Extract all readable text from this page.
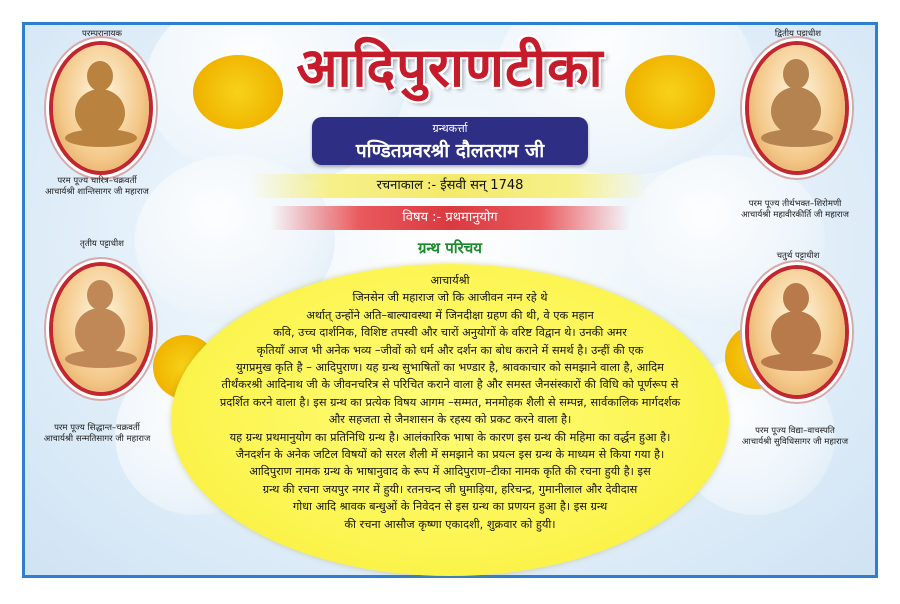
आदिपुराणटीका
ग्रन्थकर्त्ता
पण्डितप्रवरश्री दौलतराम जी
रचनाकाल :- ईसवी सन् 1748
विषय :- प्रथमानुयोग
ग्रन्थ परिचय
आचार्यश्री
जिनसेन जी महाराज जो कि आजीवन नग्न रहे थे
अर्थात् उन्होंने अति–बाल्यावस्था में जिनदीक्षा ग्रहण की थी, वे एक महान
कवि, उच्च दार्शनिक, विशिष्ट तपस्वी और चारों अनुयोगों के वरिष्ट विद्वान थे। उनकी अमर
कृतियाँ आज भी अनेक भव्य –जीवों को धर्म और दर्शन का बोध कराने में समर्थ है। उन्हीं की एक
युगप्रमुख कृति है – आदिपुराण। यह ग्रन्थ सुभाषितों का भण्डार है, श्रावकाचार को समझाने वाला है, आदिम
तीर्थंकरश्री आदिनाथ जी के जीवनचरित्र से परिचित कराने वाला है और समस्त जैनसंस्कारों की विधि को पूर्णरूप से
प्रदर्शित करने वाला है। इस ग्रन्थ का प्रत्येक विषय आगम –सम्मत, मनमोहक शैली से सम्पन्न, सार्वकालिक मार्गदर्शक
और सहजता से जैनशासन के रहस्य को प्रकट करने वाला है।
यह ग्रन्थ प्रथमानुयोग का प्रतिनिधि ग्रन्थ है। आलंकारिक भाषा के कारण इस ग्रन्थ की महिमा का वर्द्धन हुआ है।
जैनदर्शन के अनेक जटिल विषयों को सरल शैली में समझाने का प्रयत्न इस ग्रन्थ के माध्यम से किया गया है।
आदिपुराण नामक ग्रन्थ के भाषानुवाद के रूप में आदिपुराण–टीका नामक कृति की रचना हुयी है। इस
ग्रन्थ की रचना जयपुर नगर में हुयी। रतनचन्द जी घुमाड़िया, हरिचन्द्र, गुमानीलाल और देवीदास
गोधा आदि श्रावक बन्धुओं के निवेदन से इस ग्रन्थ का प्रणयन हुआ है। इस ग्रन्थ
की रचना आसौज कृष्णा एकादशी, शुक्रवार को हुयी।
परम्परानायक
परम पूज्य चारित्र–चक्रवर्ती
आचार्यश्री शान्तिसागर जी महाराज
द्वितीय पट्टाधीश
परम पूज्य तीर्थभक्त–शिरोमणी
आचार्यश्री महावीरकीर्ति जी महाराज
तृतीय पट्टाधीश
परम पूज्य सिद्धान्त–चक्रवर्ती
आचार्यश्री सन्मतिसागर जी महाराज
चतुर्थ पट्टाधीश
परम पूज्य विद्या–वाचस्पति
आचार्यश्री सुविधिसागर जी महाराज
